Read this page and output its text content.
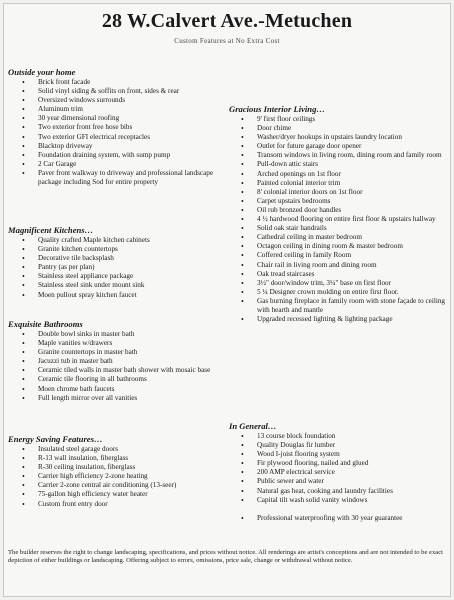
28 W.Calvert Ave.-Metuchen
Custom Features at No Extra Cost
Outside your home
• Brick front facade
• Solid vinyl siding & soffits on front, sides & rear
• Oversized windows surrounds
• Aluminum trim
• 30 year dimensional roofing
• Two exterior front free hose bibs
• Two exterior GFI electrical receptacles
• Blacktop driveway
• Foundation draining system, with sump pump
• 2 Car Garage
• Paver front walkway to driveway and professional landscape package including Sod for entire property
Magnificent Kitchens…
• Quality crafted Maple kitchen cabinets
• Granite kitchen countertops
• Decorative tile backsplash
• Pantry (as per plan)
• Stainless steel appliance package
• Stainless steel sink under mount sink
• Moen pullout spray kitchen faucet
Exquisite Bathrooms
• Double bowl sinks in master bath
• Maple vanities w/drawers
• Granite countertops in master bath
• Jacuzzi tub in master bath
• Ceramic tiled walls in master bath shower with mosaic base
• Ceramic tile flooring in all bathrooms
• Moen chrome bath faucets
• Full length mirror over all vanities
Energy Saving Features…
• Insulated steel garage doors
• R-13 wall insulation, fiberglass
• R-30 ceiling insulation, fiberglass
• Carrier high efficiency 2-zone heating
• Carrier 2-zone central air conditioning (13-seer)
• 75-gallon high efficiency water heater
• Custom front entry door
Gracious Interior Living…
• 9' first floor ceilings
• Door chime
• Washer/dryer hookups in upstairs laundry location
• Outlet for future garage door opener
• Transom windows in living room, dining room and family room
• Pull-down attic stairs
• Arched openings on 1st floor
• Painted colonial interior trim
• 8' colonial interior doors on 1st floor
• Carpet upstairs bedrooms
• Oil rub bronzed door handles
• 4 ½ hardwood flooring on entire first floor & upstairs hallway
• Solid oak stair handrails
• Cathedral ceiling in master bedroom
• Octagon ceiling in dining room & master bedroom
• Coffered ceiling in family Room
• Chair rail in living room and dining room
• Oak tread staircases
• 3½" door/window trim, 3¼" base on first floor
• 5 ¼ Designer crown molding on entire first floor.
• Gas burning fireplace in family room with stone façade to ceiling with hearth and mantle
• Upgraded recessed lighting & lighting package
In General…
• 13 course block foundation
• Quality Douglas fir lumber
• Wood I-joist flooring system
• Fir plywood flooring, nailed and glued
• 200 AMP electrical service
• Public sewer and water
• Natural gas heat, cooking and laundry facilities
• Capital tilt wash solid vanity windows

• Professional waterproofing with 30 year guarantee
The builder reserves the right to change landscaping, specifications, and prices without notice. All renderings are artist's conceptions and are not intended to be exact depiction of either buildings or landscaping. Offering subject to errors, omissions, price sale, change or withdrawal without notice.
